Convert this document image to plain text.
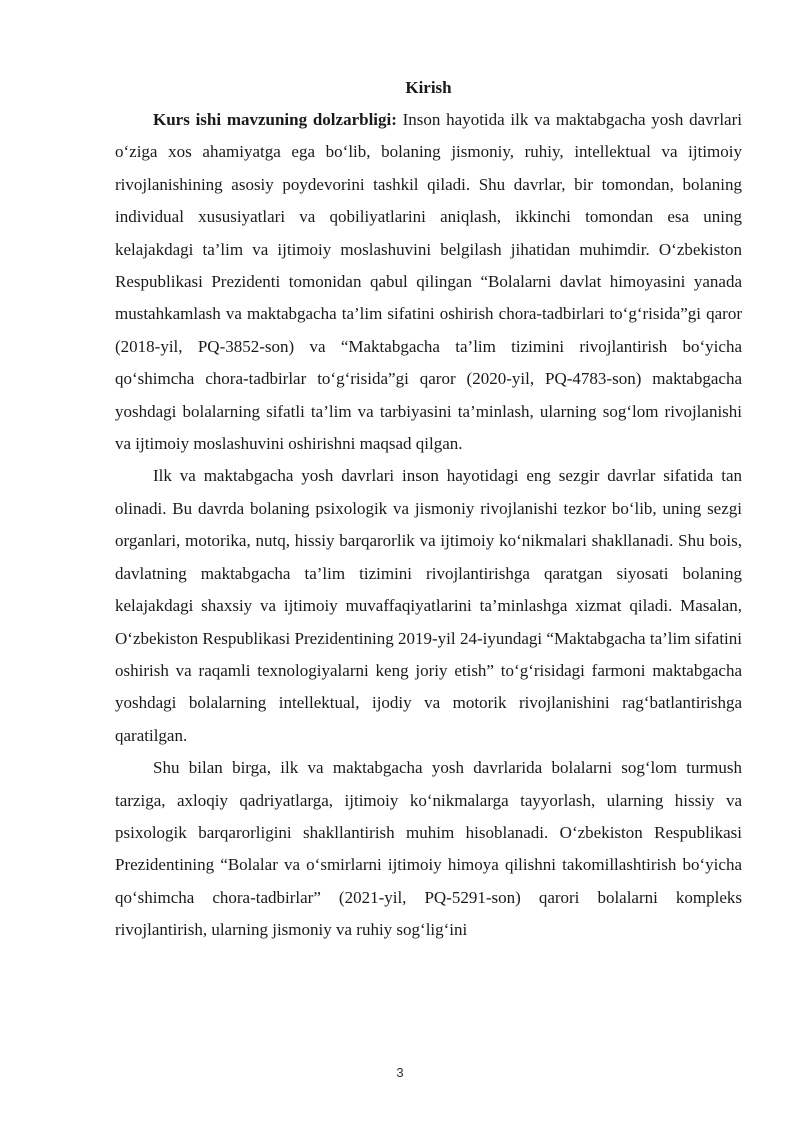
Kirish

Kurs ishi mavzuning dolzarbligi: Inson hayotida ilk va maktabgacha yosh davrlari o‘ziga xos ahamiyatga ega bo‘lib, bolaning jismoniy, ruhiy, intellektual va ijtimoiy rivojlanishining asosiy poydevorini tashkil qiladi. Shu davrlar, bir tomondan, bolaning individual xususiyatlari va qobiliyatlarini aniqlash, ikkinchi tomondan esa uning kelajakdagi ta’lim va ijtimoiy moslashuvini belgilash jihatidan muhimdir. O‘zbekiston Respublikasi Prezidenti tomonidan qabul qilingan “Bolalarni davlat himoyasini yanada mustahkamlash va maktabgacha ta’lim sifatini oshirish chora-tadbirlari to‘g‘risida”gi qaror (2018-yil, PQ-3852-son) va “Maktabgacha ta’lim tizimini rivojlantirish bo‘yicha qo‘shimcha chora-tadbirlar to‘g‘risida”gi qaror (2020-yil, PQ-4783-son) maktabgacha yoshdagi bolalarning sifatli ta’lim va tarbiyasini ta’minlash, ularning sog‘lom rivojlanishi va ijtimoiy moslashuvini oshirishni maqsad qilgan.

Ilk va maktabgacha yosh davrlari inson hayotidagi eng sezgir davrlar sifatida tan olinadi. Bu davrda bolaning psixologik va jismoniy rivojlanishi tezkor bo‘lib, uning sezgi organlari, motorika, nutq, hissiy barqarorlik va ijtimoiy ko‘nikmalari shakllanadi. Shu bois, davlatning maktabgacha ta’lim tizimini rivojlantirishga qaratgan siyosati bolaning kelajakdagi shaxsiy va ijtimoiy muvaffaqiyatlarini ta’minlashga xizmat qiladi. Masalan, O‘zbekiston Respublikasi Prezidentining 2019-yil 24-iyundagi “Maktabgacha ta’lim sifatini oshirish va raqamli texnologiyalarni keng joriy etish” to‘g‘risidagi farmoni maktabgacha yoshdagi bolalarning intellektual, ijodiy va motorik rivojlanishini rag‘batlantirishga qaratilgan.

Shu bilan birga, ilk va maktabgacha yosh davrlarida bolalarni sog‘lom turmush tarziga, axloqiy qadriyatlarga, ijtimoiy ko‘nikmalarga tayyorlash, ularning hissiy va psixologik barqarorligini shakllantirish muhim hisoblanadi. O‘zbekiston Respublikasi Prezidentining “Bolalar va o‘smirlarni ijtimoiy himoya qilishni takomillashtirish bo‘yicha qo‘shimcha chora-tadbirlar” (2021-yil, PQ-5291-son) qarori bolalarni kompleks rivojlantirish, ularning jismoniy va ruhiy sog‘lig‘ini

3
